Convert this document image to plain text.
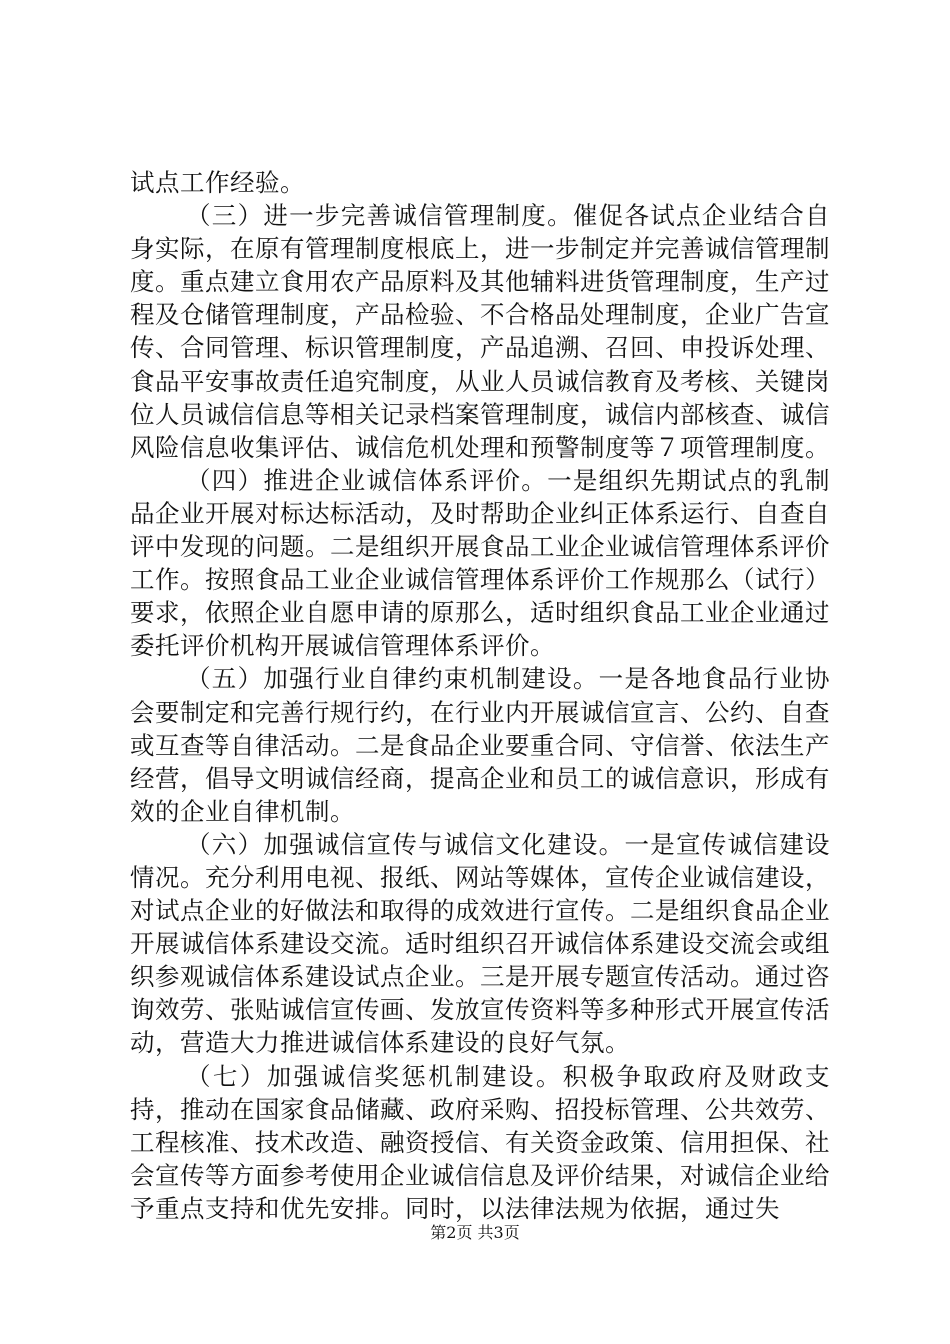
试点工作经验。

（三）进一步完善诚信管理制度。催促各试点企业结合自身实际，在原有管理制度根底上，进一步制定并完善诚信管理制度。重点建立食用农产品原料及其他辅料进货管理制度，生产过程及仓储管理制度，产品检验、不合格品处理制度，企业广告宣传、合同管理、标识管理制度，产品追溯、召回、申投诉处理、食品平安事故责任追究制度，从业人员诚信教育及考核、关键岗位人员诚信信息等相关记录档案管理制度，诚信内部核查、诚信风险信息收集评估、诚信危机处理和预警制度等７项管理制度。

（四）推进企业诚信体系评价。一是组织先期试点的乳制品企业开展对标达标活动，及时帮助企业纠正体系运行、自查自评中发现的问题。二是组织开展食品工业企业诚信管理体系评价工作。按照食品工业企业诚信管理体系评价工作规那么（试行）要求，依照企业自愿申请的原那么，适时组织食品工业企业通过委托评价机构开展诚信管理体系评价。

（五）加强行业自律约束机制建设。一是各地食品行业协会要制定和完善行规行约，在行业内开展诚信宣言、公约、自查或互查等自律活动。二是食品企业要重合同、守信誉、依法生产经营，倡导文明诚信经商，提高企业和员工的诚信意识，形成有效的企业自律机制。

（六）加强诚信宣传与诚信文化建设。一是宣传诚信建设情况。充分利用电视、报纸、网站等媒体，宣传企业诚信建设，对试点企业的好做法和取得的成效进行宣传。二是组织食品企业开展诚信体系建设交流。适时组织召开诚信体系建设交流会或组织参观诚信体系建设试点企业。三是开展专题宣传活动。通过咨询效劳、张贴诚信宣传画、发放宣传资料等多种形式开展宣传活动，营造大力推进诚信体系建设的良好气氛。

（七）加强诚信奖惩机制建设。积极争取政府及财政支持，推动在国家食品储藏、政府采购、招投标管理、公共效劳、工程核准、技术改造、融资授信、有关资金政策、信用担保、社会宣传等方面参考使用企业诚信信息及评价结果，对诚信企业给予重点支持和优先安排。同时，以法律法规为依据，通过失

第2页 共3页
